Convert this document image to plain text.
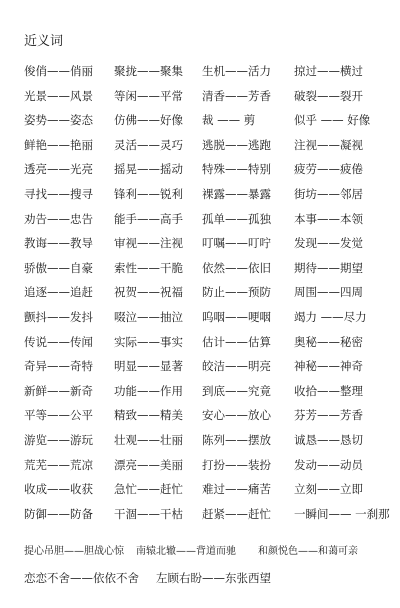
近义词
俊俏——俏丽 聚拢——聚集 生机——活力 掠过——横过
光景——风景 等闲——平常 清香——芳香 破裂——裂开
姿势——姿态 仿佛——好像 裁 —— 剪	似乎 —— 好像
鲜艳——艳丽 灵活——灵巧 逃脱——逃跑 注视——凝视
透亮——光亮 摇晃——摇动 特殊——特别 疲劳——疲倦
寻找——搜寻 锋利——锐利 裸露——暴露 街坊——邻居
劝告——忠告 能手——高手 孤单——孤独 本事——本领
教诲——教导 审视——注视 叮嘱——叮咛 发现——发觉
骄傲——自豪 索性——干脆 依然——依旧 期待——期望
追逐——追赶 祝贺——祝福 防止——预防 周围——四周
颤抖——发抖 啜泣——抽泣 呜咽——哽咽 竭力 ——尽力
传说——传闻 实际——事实 估计——估算 奥秘——秘密
奇异——奇特 明显——显著 皎洁——明亮 神秘——神奇
新鲜——新奇 功能——作用 到底——究竟 收拾——整理
平等——公平 精致——精美 安心——放心 芬芳——芳香
游览——游玩 壮观——壮丽 陈列——摆放 诚恳——恳切
荒芜——荒凉 漂亮——美丽 打扮——装扮 发动——动员
收成——收获 急忙——赶忙 难过——痛苦 立刻——立即
防御——防备 干涸——干枯 赶紧——赶忙 一瞬间—— 一刹那
提心吊胆——胆战心惊 南辕北辙——背道而驰 和颜悦色——和蔼可亲
恋恋不舍——依依不舍 左顾右盼——东张西望
